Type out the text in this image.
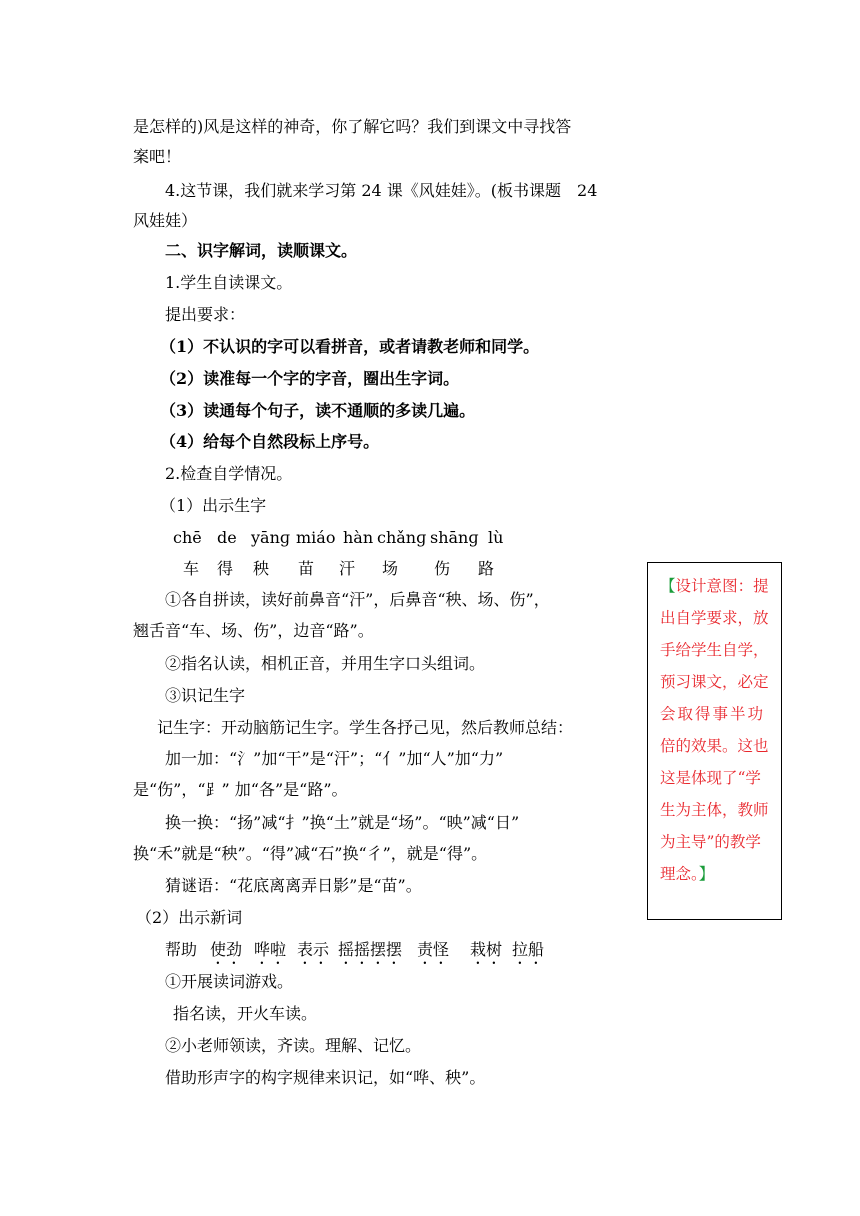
是怎样的)风是这样的神奇，你了解它吗？我们到课文中寻找答
案吧！
4.这节课，我们就来学习第 24 课《风娃娃》。(板书课题　24
风娃娃）
二、识字解词，读顺课文。
1.学生自读课文。
提出要求：
（1）不认识的字可以看拼音，或者请教老师和同学。
（2）读准每一个字的字音，圈出生字词。
（3）读通每个句子，读不通顺的多读几遍。
（4）给每个自然段标上序号。
2.检查自学情况。
（1）出示生字
chē de yānɡ miáo hàn chǎnɡ shānɡ lù
车 得 秧 苗 汗 场 伤 路
①各自拼读，读好前鼻音“汗”，后鼻音“秧、场、伤”，
翘舌音“车、场、伤”，边音“路”。
②指名认读，相机正音，并用生字口头组词。
③识记生字
记生字：开动脑筋记生字。学生各抒己见，然后教师总结：
加一加：“氵”加“干”是“汗”；“亻”加“人”加“力”
是“伤”，“⻊” 加“各”是“路”。
换一换：“扬”减“扌”换“土”就是“场”。“映”减“日”
换“禾”就是“秧”。“得”减“石”换“彳”，就是“得”。
猜谜语：“花底离离弄日影”是“苗”。
（2）出示新词
帮助 使劲 哗啦 表示 摇摇摆摆 责怪 栽树 拉船
①开展读词游戏。
指名读，开火车读。
②小老师领读，齐读。理解、记忆。
借助形声字的构字规律来识记，如“哗、秧”。
【设计意图：提
出自学要求，放
手给学生自学，
预习课文，必定
会取得事半功
倍的效果。这也
这是体现了“学
生为主体，教师
为主导”的教学
理念。】
